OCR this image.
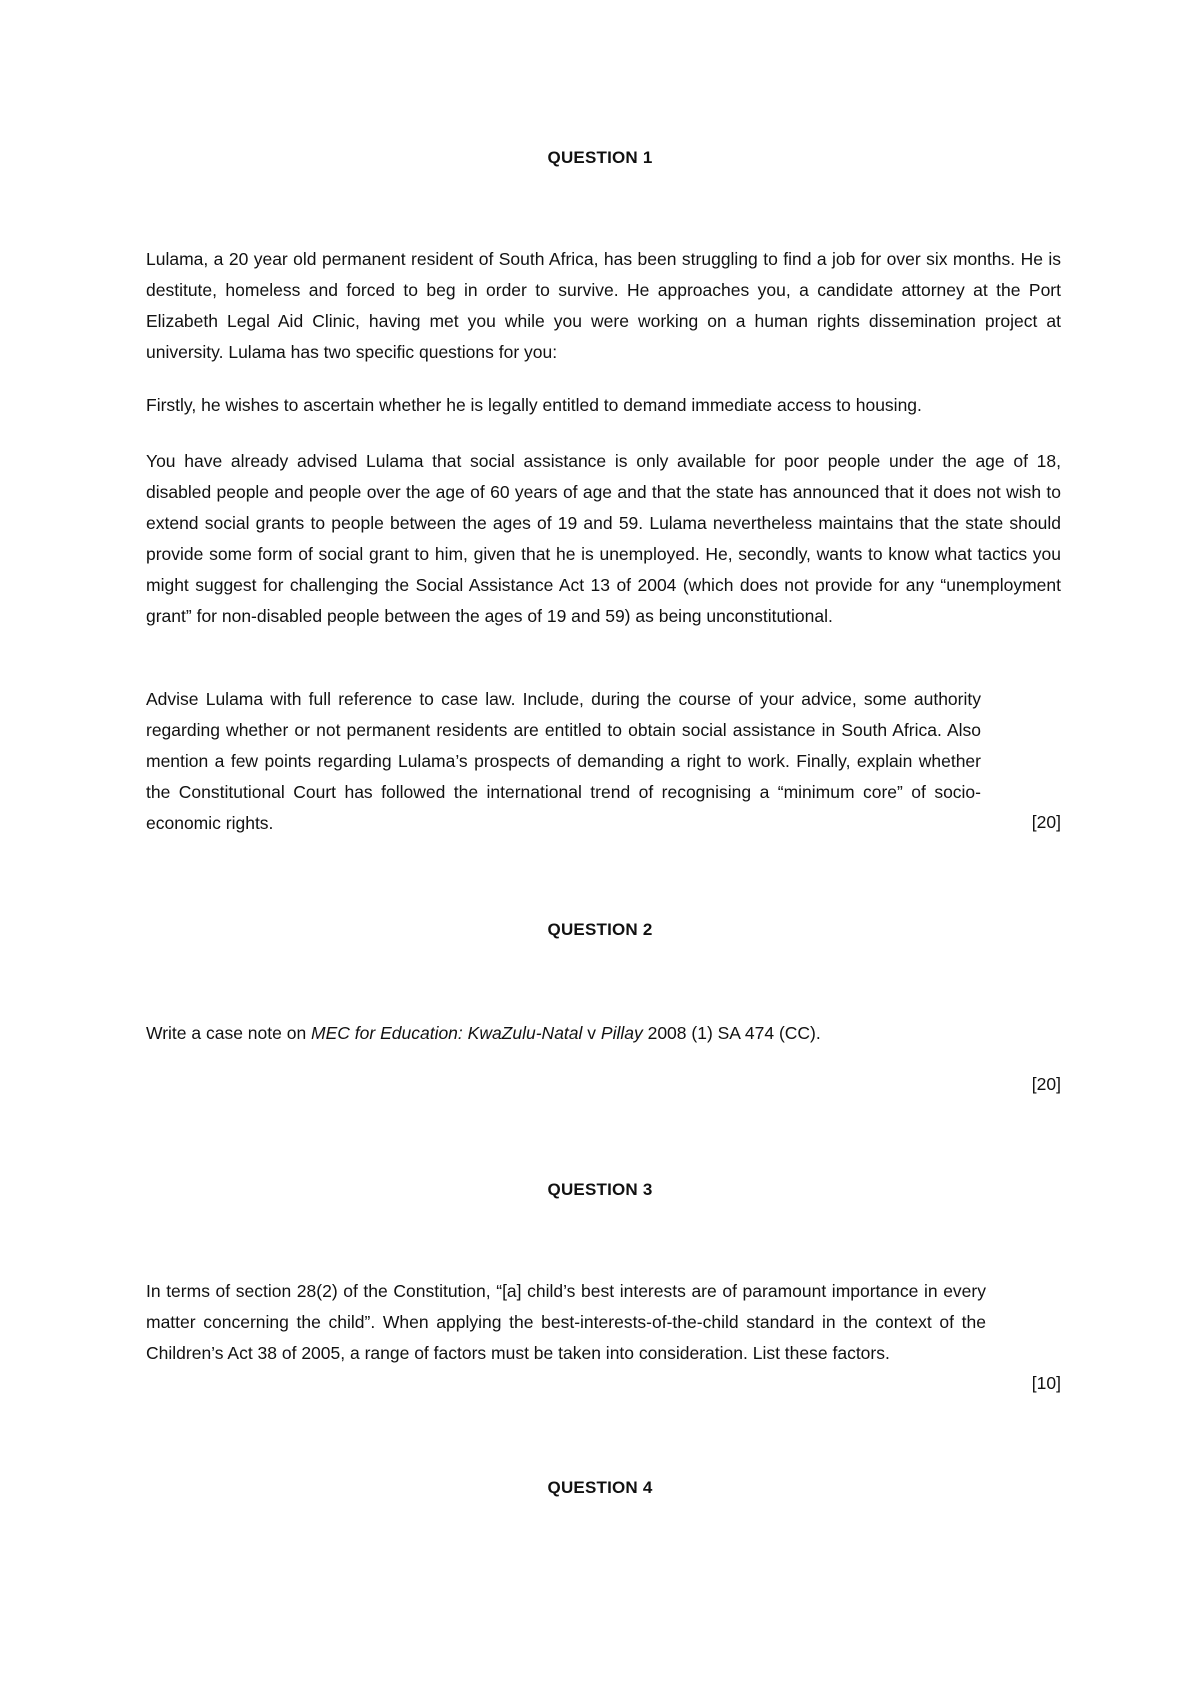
QUESTION 1

Lulama, a 20 year old permanent resident of South Africa, has been struggling to find a job for over six months. He is destitute, homeless and forced to beg in order to survive. He approaches you, a candidate attorney at the Port Elizabeth Legal Aid Clinic, having met you while you were working on a human rights dissemination project at university. Lulama has two specific questions for you:

Firstly, he wishes to ascertain whether he is legally entitled to demand immediate access to housing.

You have already advised Lulama that social assistance is only available for poor people under the age of 18, disabled people and people over the age of 60 years of age and that the state has announced that it does not wish to extend social grants to people between the ages of 19 and 59. Lulama nevertheless maintains that the state should provide some form of social grant to him, given that he is unemployed. He, secondly, wants to know what tactics you might suggest for challenging the Social Assistance Act 13 of 2004 (which does not provide for any “unemployment grant” for non-disabled people between the ages of 19 and 59) as being unconstitutional.

Advise Lulama with full reference to case law. Include, during the course of your advice, some authority regarding whether or not permanent residents are entitled to obtain social assistance in South Africa. Also mention a few points regarding Lulama’s prospects of demanding a right to work. Finally, explain whether the Constitutional Court has followed the international trend of recognising a “minimum core” of socio-economic rights.	[20]
QUESTION 2

Write a case note on MEC for Education: KwaZulu-Natal v Pillay 2008 (1) SA 474 (CC).

[20]
QUESTION 3

In terms of section 28(2) of the Constitution, “[a] child’s best interests are of paramount importance in every matter concerning the child”. When applying the best-interests-of-the-child standard in the context of the Children’s Act 38 of 2005, a range of factors must be taken into consideration. List these factors.

[10]
QUESTION 4
